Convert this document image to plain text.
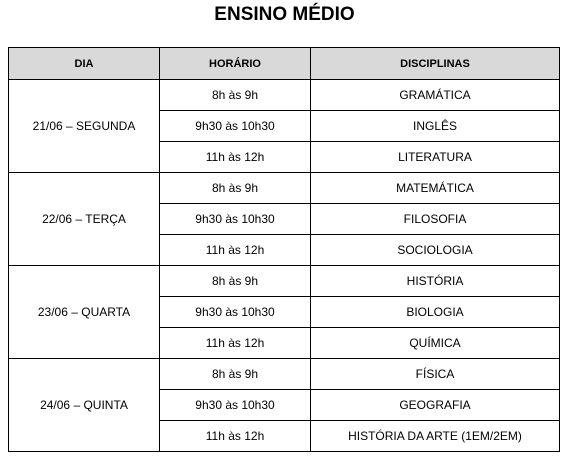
ENSINO MÉDIO
DIA	HORÁRIO	DISCIPLINAS
21/06 – SEGUNDA	8h às 9h	GRAMÁTICA
	9h30 às 10h30	INGLÊS
	11h às 12h	LITERATURA
22/06 – TERÇA	8h às 9h	MATEMÁTICA
	9h30 às 10h30	FILOSOFIA
	11h às 12h	SOCIOLOGIA
23/06 – QUARTA	8h às 9h	HISTÓRIA
	9h30 às 10h30	BIOLOGIA
	11h às 12h	QUÍMICA
24/06 – QUINTA	8h às 9h	FÍSICA
	9h30 às 10h30	GEOGRAFIA
	11h às 12h	HISTÓRIA DA ARTE (1EM/2EM)
